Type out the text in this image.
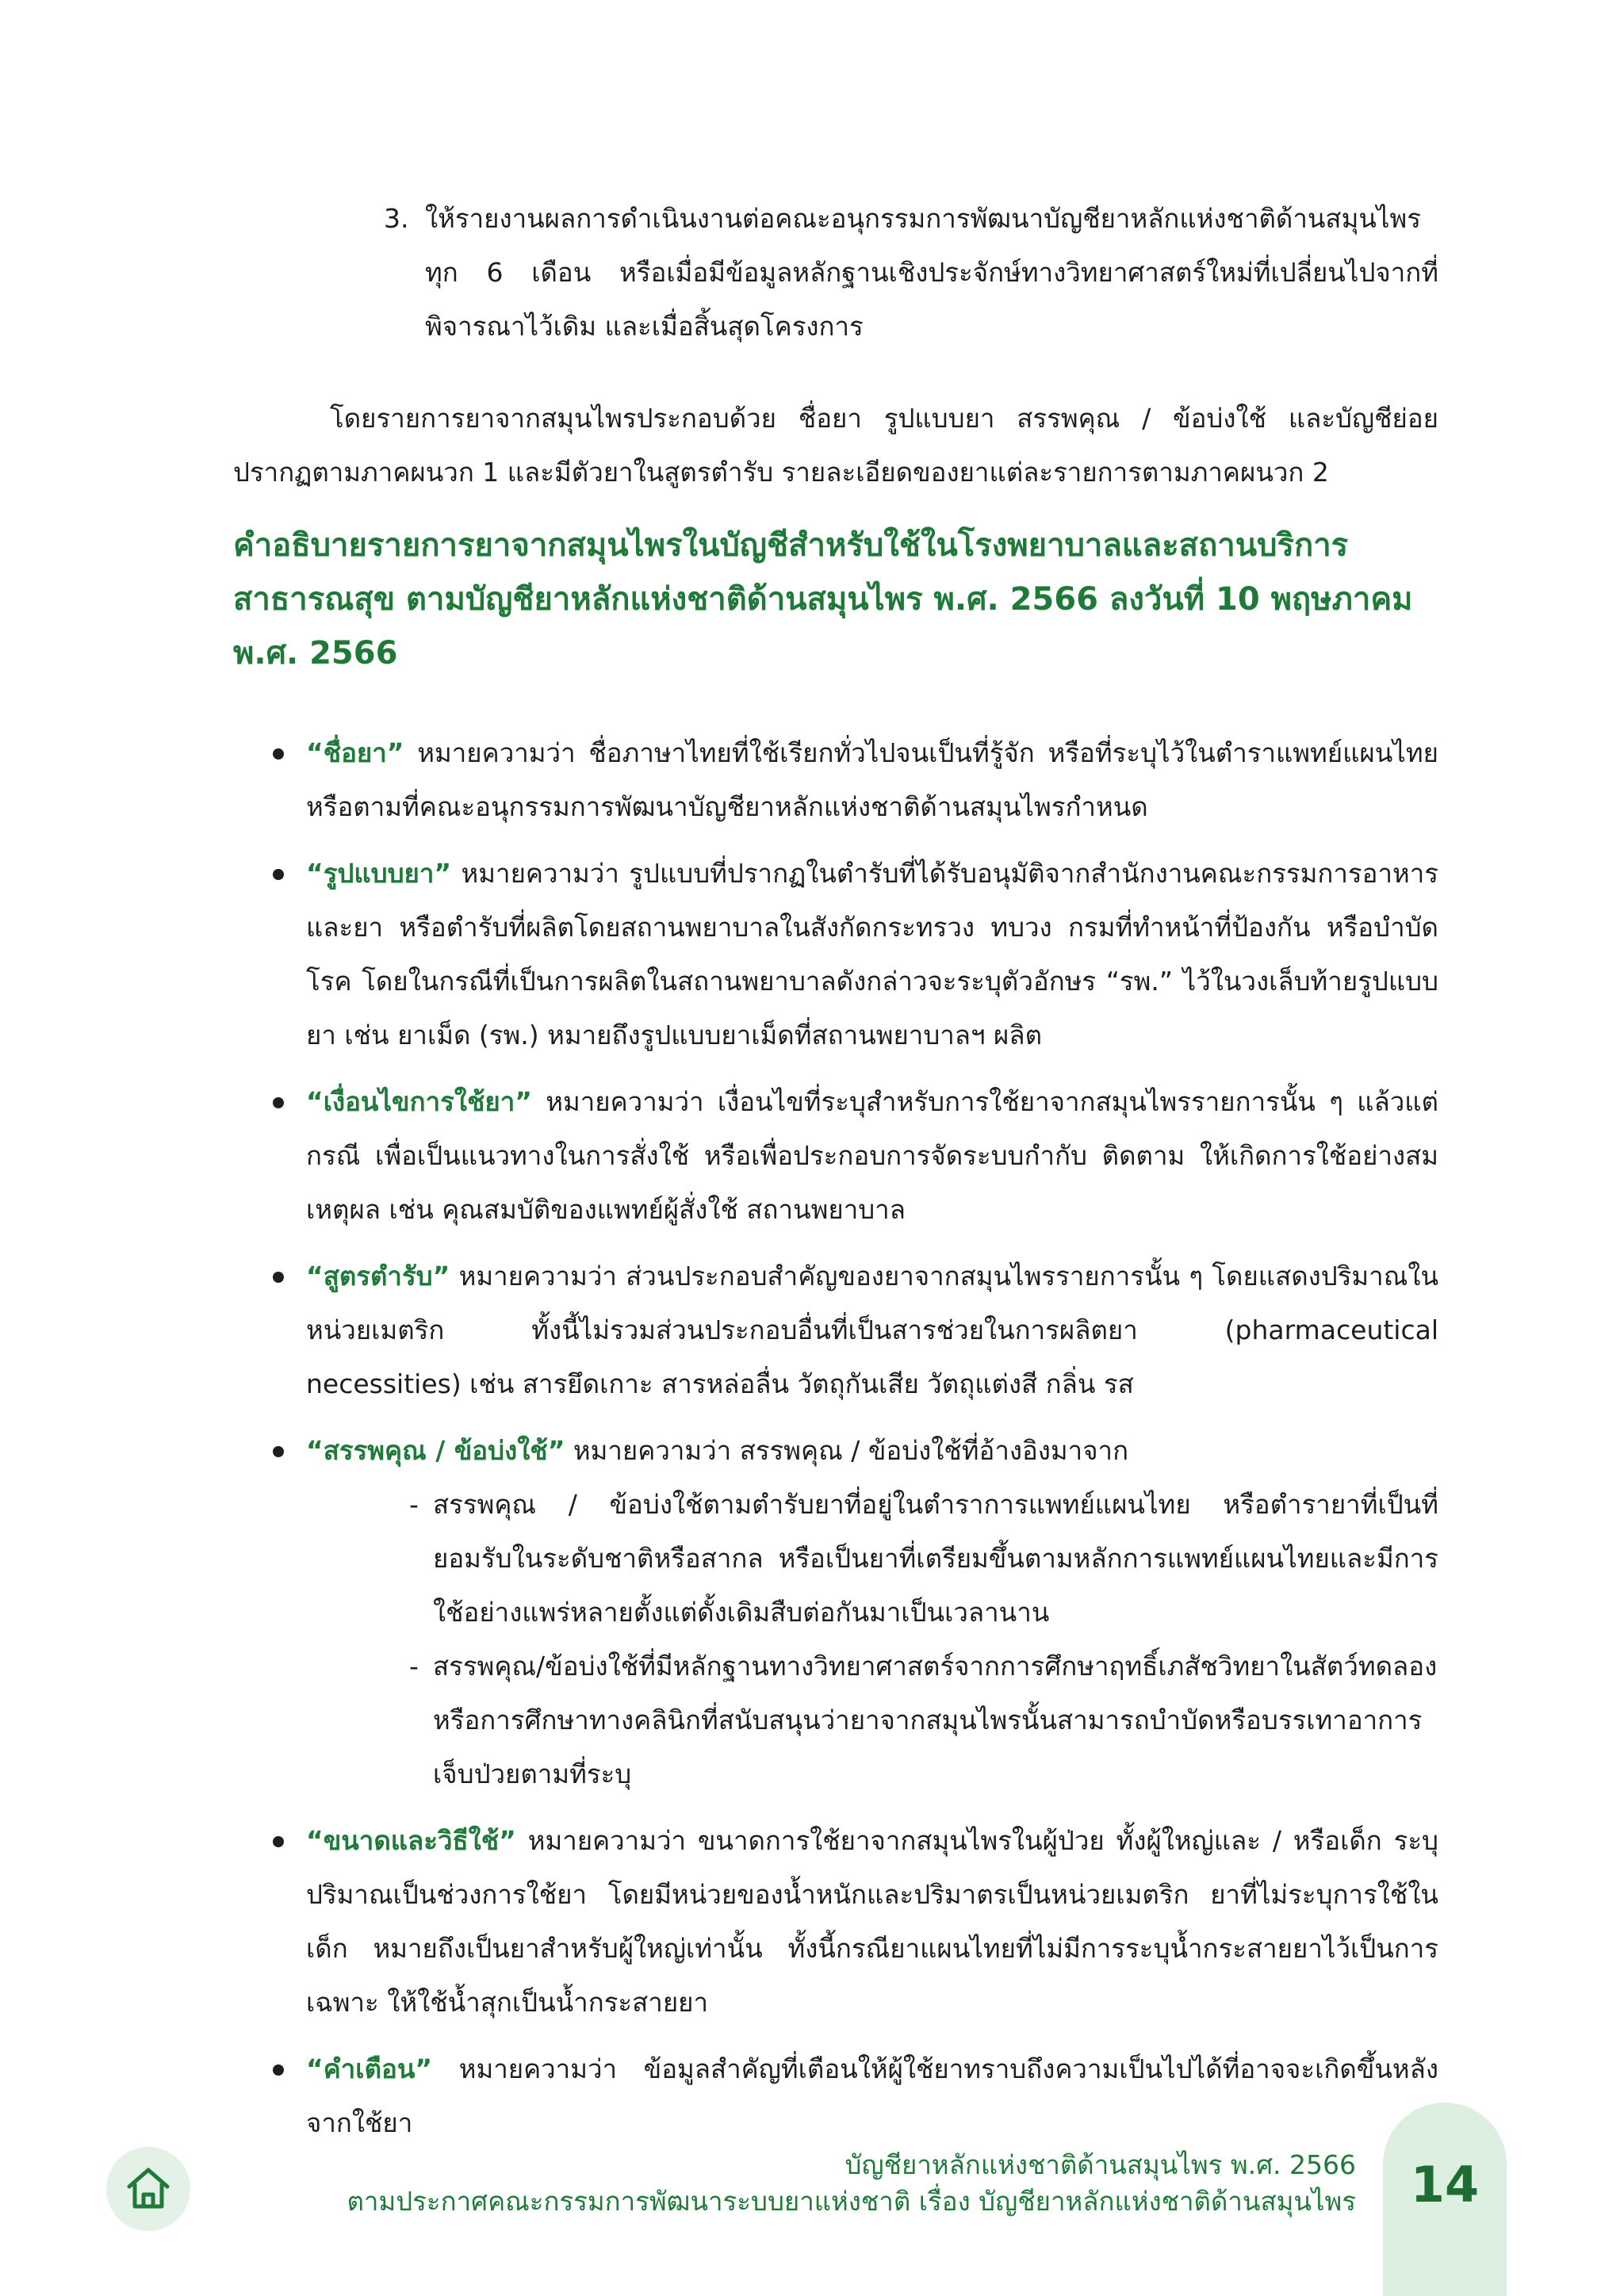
3. ให้รายงานผลการดำเนินงานต่อคณะอนุกรรมการพัฒนาบัญชียาหลักแห่งชาติด้านสมุนไพร ทุก 6 เดือน หรือเมื่อมีข้อมูลหลักฐานเชิงประจักษ์ทางวิทยาศาสตร์ใหม่ที่เปลี่ยนไปจากที่พิจารณาไว้เดิม และเมื่อสิ้นสุดโครงการ

โดยรายการยาจากสมุนไพรประกอบด้วย ชื่อยา รูปแบบยา สรรพคุณ / ข้อบ่งใช้ และบัญชีย่อย ปรากฏตามภาคผนวก 1 และมีตัวยาในสูตรตำรับ รายละเอียดของยาแต่ละรายการตามภาคผนวก 2

คำอธิบายรายการยาจากสมุนไพรในบัญชีสำหรับใช้ในโรงพยาบาลและสถานบริการสาธารณสุข ตามบัญชียาหลักแห่งชาติด้านสมุนไพร พ.ศ. 2566 ลงวันที่ 10 พฤษภาคม พ.ศ. 2566
“ชื่อยา” หมายความว่า ชื่อภาษาไทยที่ใช้เรียกทั่วไปจนเป็นที่รู้จัก หรือที่ระบุไว้ในตำราแพทย์แผนไทย หรือตามที่คณะอนุกรรมการพัฒนาบัญชียาหลักแห่งชาติด้านสมุนไพรกำหนด
“รูปแบบยา” หมายความว่า รูปแบบที่ปรากฏในตำรับที่ได้รับอนุมัติจากสำนักงานคณะกรรมการอาหารและยา หรือตำรับที่ผลิตโดยสถานพยาบาลในสังกัดกระทรวง ทบวง กรมที่ทำหน้าที่ป้องกัน หรือบำบัดโรค โดยในกรณีที่เป็นการผลิตในสถานพยาบาลดังกล่าวจะระบุตัวอักษร “รพ.” ไว้ในวงเล็บท้ายรูปแบบยา เช่น ยาเม็ด (รพ.) หมายถึงรูปแบบยาเม็ดที่สถานพยาบาลฯ ผลิต
“เงื่อนไขการใช้ยา” หมายความว่า เงื่อนไขที่ระบุสำหรับการใช้ยาจากสมุนไพรรายการนั้น ๆ แล้วแต่กรณี เพื่อเป็นแนวทางในการสั่งใช้ หรือเพื่อประกอบการจัดระบบกำกับ ติดตาม ให้เกิดการใช้อย่างสมเหตุผล เช่น คุณสมบัติของแพทย์ผู้สั่งใช้ สถานพยาบาล
“สูตรตำรับ” หมายความว่า ส่วนประกอบสำคัญของยาจากสมุนไพรรายการนั้น ๆ โดยแสดงปริมาณในหน่วยเมตริก ทั้งนี้ไม่รวมส่วนประกอบอื่นที่เป็นสารช่วยในการผลิตยา (pharmaceutical necessities) เช่น สารยึดเกาะ สารหล่อลื่น วัตถุกันเสีย วัตถุแต่งสี กลิ่น รส
“สรรพคุณ / ข้อบ่งใช้” หมายความว่า สรรพคุณ / ข้อบ่งใช้ที่อ้างอิงมาจาก
- สรรพคุณ / ข้อบ่งใช้ตามตำรับยาที่อยู่ในตำราการแพทย์แผนไทย หรือตำรายาที่เป็นที่ยอมรับในระดับชาติหรือสากล หรือเป็นยาที่เตรียมขึ้นตามหลักการแพทย์แผนไทยและมีการใช้อย่างแพร่หลายตั้งแต่ดั้งเดิมสืบต่อกันมาเป็นเวลานาน
- สรรพคุณ/ข้อบ่งใช้ที่มีหลักฐานทางวิทยาศาสตร์จากการศึกษาฤทธิ์เภสัชวิทยาในสัตว์ทดลอง หรือการศึกษาทางคลินิกที่สนับสนุนว่ายาจากสมุนไพรนั้นสามารถบำบัดหรือบรรเทาอาการเจ็บป่วยตามที่ระบุ
“ขนาดและวิธีใช้” หมายความว่า ขนาดการใช้ยาจากสมุนไพรในผู้ป่วย ทั้งผู้ใหญ่และ / หรือเด็ก ระบุปริมาณเป็นช่วงการใช้ยา โดยมีหน่วยของน้ำหนักและปริมาตรเป็นหน่วยเมตริก ยาที่ไม่ระบุการใช้ในเด็ก หมายถึงเป็นยาสำหรับผู้ใหญ่เท่านั้น ทั้งนี้กรณียาแผนไทยที่ไม่มีการระบุน้ำกระสายยาไว้เป็นการเฉพาะ ให้ใช้น้ำสุกเป็นน้ำกระสายยา
“คำเตือน” หมายความว่า ข้อมูลสำคัญที่เตือนให้ผู้ใช้ยาทราบถึงความเป็นไปได้ที่อาจจะเกิดขึ้นหลังจากใช้ยา
บัญชียาหลักแห่งชาติด้านสมุนไพร พ.ศ. 2566
ตามประกาศคณะกรรมการพัฒนาระบบยาแห่งชาติ เรื่อง บัญชียาหลักแห่งชาติด้านสมุนไพร	14
